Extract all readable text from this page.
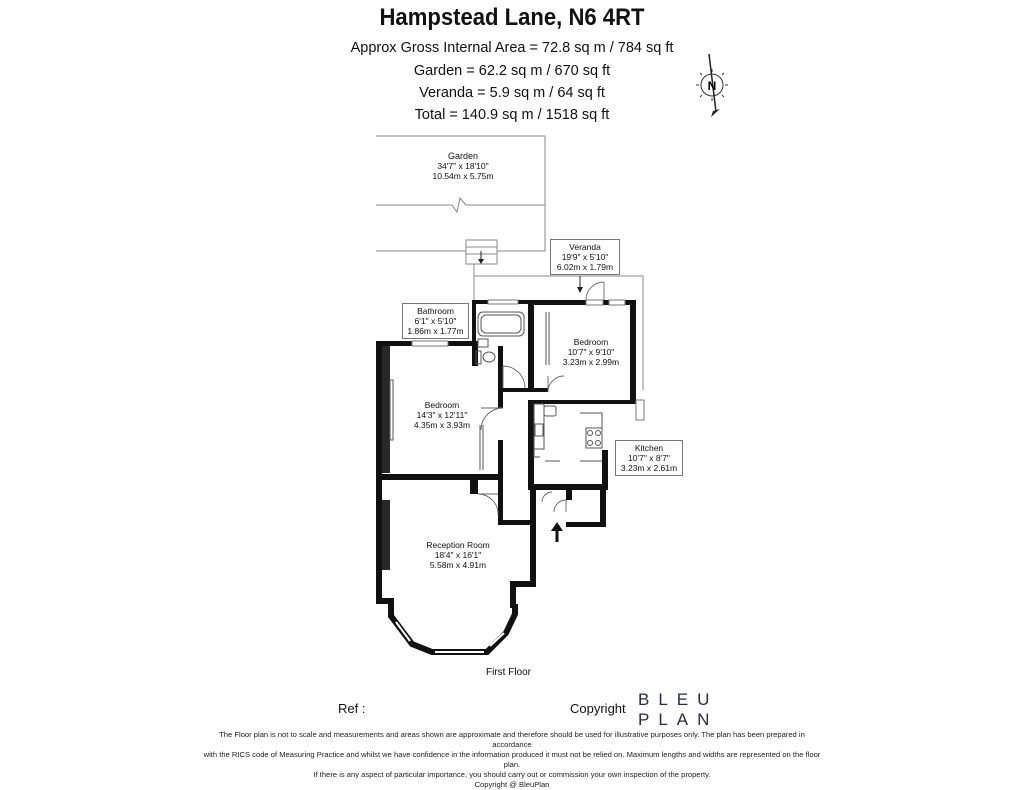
Hampstead Lane, N6 4RT
Approx Gross Internal Area = 72.8 sq m / 784 sq ft
Garden = 62.2 sq m / 670 sq ft
Veranda = 5.9 sq m / 64 sq ft
Total = 140.9 sq m / 1518 sq ft
N
Garden
34'7" x 18'10"
10.54m x 5.75m
Veranda
19'9" x 5'10"
6.02m x 1.79m
Bathroom
6'1" x 5'10"
1.86m x 1.77m
Bedroom
10'7" x 9'10"
3.23m x 2.99m
Bedroom
14'3" x 12'11"
4.35m x 3.93m
Kitchen
10'7" x 8'7"
3.23m x 2.61m
Reception Room
18'4" x 16'1"
5.58m x 4.91m
First Floor
Ref :	Copyright BLEU
PLAN
The Floor plan is not to scale and measurements and areas shown are approximate and therefore should be used for illustrative purposes only. The plan has been prepared in accordance
with the RICS code of Measuring Practice and whilst we have confidence in the information produced it must not be relied on. Maximum lengths and widths are represented on the floor plan.
If there is any aspect of particular importance, you should carry out or commission your own inspection of the property.
Copyright @ BleuPlan
